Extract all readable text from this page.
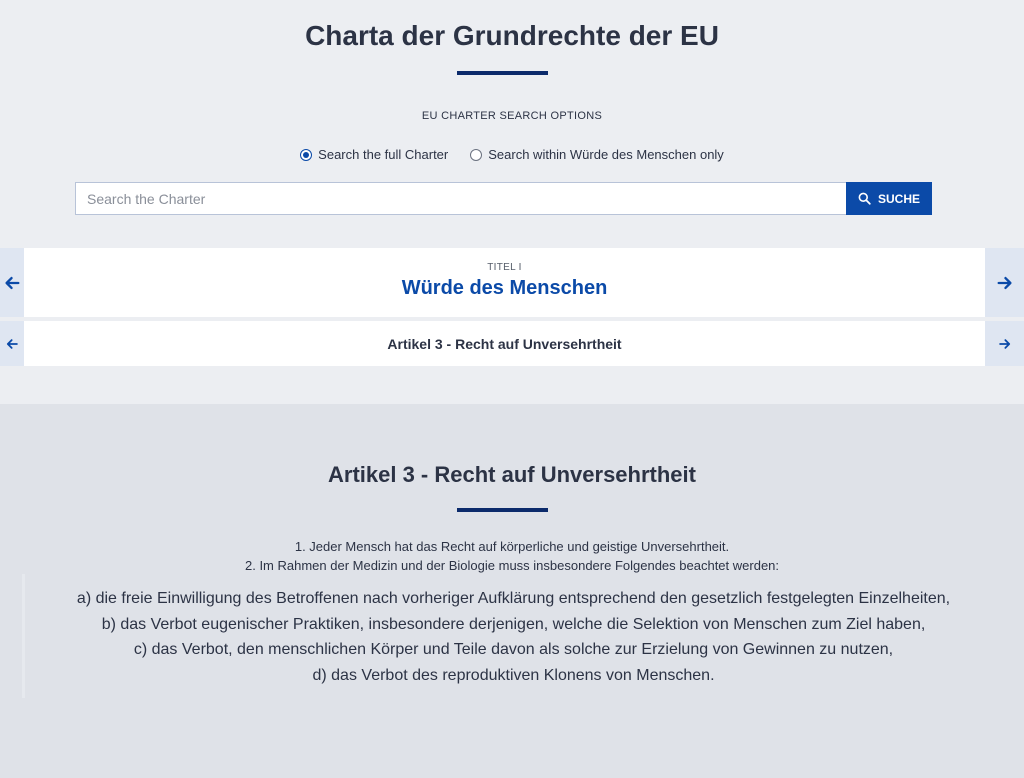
Charta der Grundrechte der EU
EU CHARTER SEARCH OPTIONS
Search the full Charter	Search within Würde des Menschen only
Search the Charter
SUCHE
TITEL I
Würde des Menschen
Artikel 3 - Recht auf Unversehrtheit
Artikel 3 - Recht auf Unversehrtheit
1. Jeder Mensch hat das Recht auf körperliche und geistige Unversehrtheit.
2. Im Rahmen der Medizin und der Biologie muss insbesondere Folgendes beachtet werden:
a) die freie Einwilligung des Betroffenen nach vorheriger Aufklärung entsprechend den gesetzlich festgelegten Einzelheiten,
b) das Verbot eugenischer Praktiken, insbesondere derjenigen, welche die Selektion von Menschen zum Ziel haben,
c) das Verbot, den menschlichen Körper und Teile davon als solche zur Erzielung von Gewinnen zu nutzen,
d) das Verbot des reproduktiven Klonens von Menschen.
